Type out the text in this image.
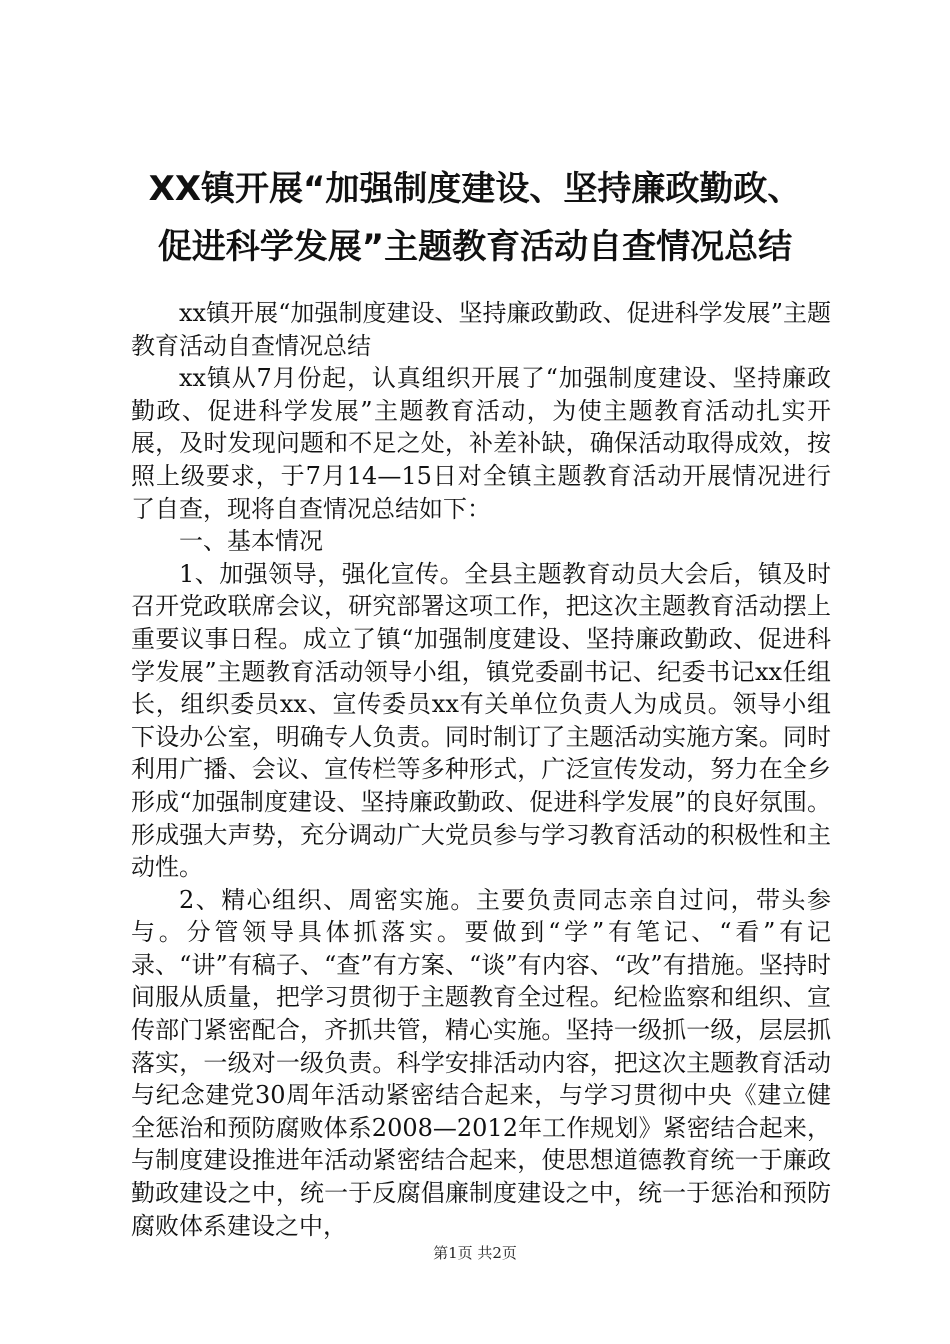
XX镇开展“加强制度建设、坚持廉政勤政、
促进科学发展”主题教育活动自查情况总结

xx镇开展“加强制度建设、坚持廉政勤政、促进科学发展”主题教育活动自查情况总结

xx镇从7月份起，认真组织开展了“加强制度建设、坚持廉政勤政、促进科学发展”主题教育活动，为使主题教育活动扎实开展，及时发现问题和不足之处，补差补缺，确保活动取得成效，按照上级要求，于7月14—15日对全镇主题教育活动开展情况进行了自查，现将自查情况总结如下：

一、基本情况

1、加强领导，强化宣传。全县主题教育动员大会后，镇及时召开党政联席会议，研究部署这项工作，把这次主题教育活动摆上重要议事日程。成立了镇“加强制度建设、坚持廉政勤政、促进科学发展”主题教育活动领导小组，镇党委副书记、纪委书记xx任组长，组织委员xx、宣传委员xx有关单位负责人为成员。领导小组下设办公室，明确专人负责。同时制订了主题活动实施方案。同时利用广播、会议、宣传栏等多种形式，广泛宣传发动，努力在全乡形成“加强制度建设、坚持廉政勤政、促进科学发展”的良好氛围。形成强大声势，充分调动广大党员参与学习教育活动的积极性和主动性。

2、精心组织、周密实施。主要负责同志亲自过问，带头参与。分管领导具体抓落实。要做到“学”有笔记、“看”有记录、“讲”有稿子、“查”有方案、“谈”有内容、“改”有措施。坚持时间服从质量，把学习贯彻于主题教育全过程。纪检监察和组织、宣传部门紧密配合，齐抓共管，精心实施。坚持一级抓一级，层层抓落实，一级对一级负责。科学安排活动内容，把这次主题教育活动与纪念建党30周年活动紧密结合起来，与学习贯彻中央《建立健全惩治和预防腐败体系2008—2012年工作规划》紧密结合起来，与制度建设推进年活动紧密结合起来，使思想道德教育统一于廉政勤政建设之中，统一于反腐倡廉制度建设之中，统一于惩治和预防腐败体系建设之中，

第1页 共2页
